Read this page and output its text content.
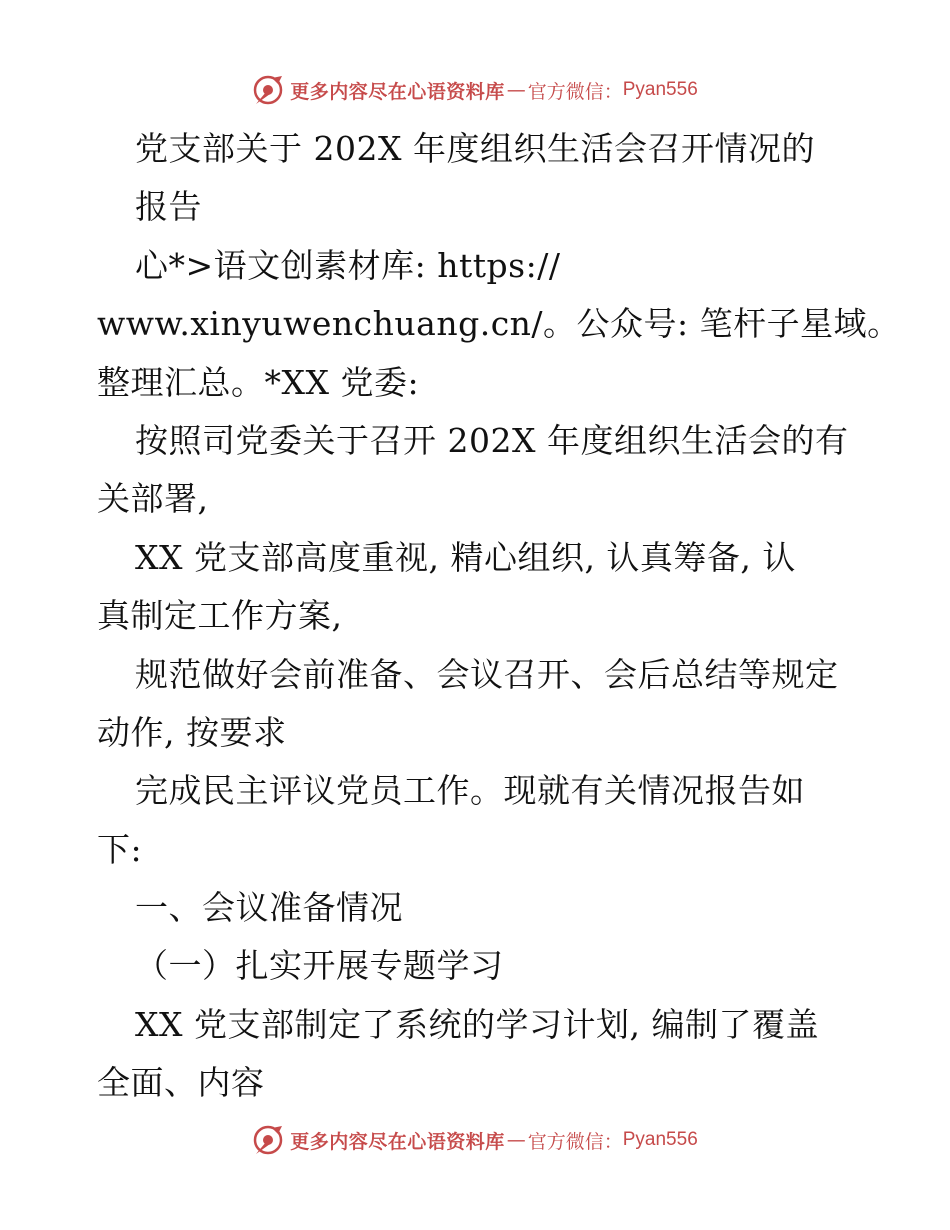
更多内容尽在心语资料库 — 官方微信： Pyan556
党支部关于 202X 年度组织生活会召开情况的
报告
心*>语文创素材库: https://
www.xinyuwenchuang.cn/。公众号: 笔杆子星域。
整理汇总。*XX 党委:
按照司党委关于召开 202X 年度组织生活会的有
关部署,
XX 党支部高度重视, 精心组织, 认真筹备, 认
真制定工作方案,
规范做好会前准备、会议召开、会后总结等规定
动作, 按要求
完成民主评议党员工作。现就有关情况报告如
下:
一、会议准备情况
（一）扎实开展专题学习
XX 党支部制定了系统的学习计划, 编制了覆盖
全面、内容
更多内容尽在心语资料库 — 官方微信： Pyan556
